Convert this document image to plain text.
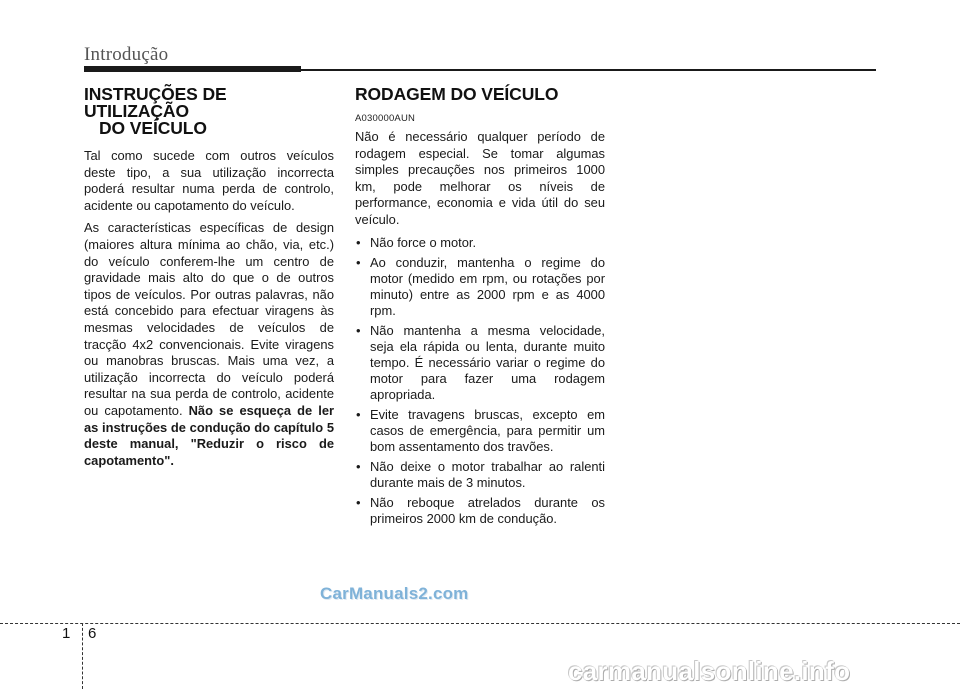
Introdução
INSTRUÇÕES DE UTILIZAÇÃO
DO VEÍCULO

Tal como sucede com outros veículos deste tipo, a sua utilização incorrecta poderá resultar numa perda de controlo, acidente ou capotamento do veículo.

As características específicas de design (maiores altura mínima ao chão, via, etc.) do veículo conferem-lhe um centro de gravidade mais alto do que o de outros tipos de veículos. Por outras palavras, não está concebido para efectuar viragens às mesmas velocidades de veículos de tracção 4x2 convencionais. Evite viragens ou manobras bruscas. Mais uma vez, a utilização incorrecta do veículo poderá resultar na sua perda de controlo, acidente ou capotamento. Não se esqueça de ler as instruções de condução do capítulo 5 deste manual, "Reduzir o risco de capotamento".

RODAGEM DO VEÍCULO
A030000AUN

Não é necessário qualquer período de rodagem especial. Se tomar algumas simples precauções nos primeiros 1000 km, pode melhorar os níveis de performance, economia e vida útil do seu veículo.

• Não force o motor.
• Ao conduzir, mantenha o regime do motor (medido em rpm, ou rotações por minuto) entre as 2000 rpm e as 4000 rpm.
• Não mantenha a mesma velocidade, seja ela rápida ou lenta, durante muito tempo. É necessário variar o regime do motor para fazer uma rodagem apropriada.
• Evite travagens bruscas, excepto em casos de emergência, para permitir um bom assentamento dos travões.
• Não deixe o motor trabalhar ao ralenti durante mais de 3 minutos.
• Não reboque atrelados durante os primeiros 2000 km de condução.
CarManuals2.com
1 6
carmanualsonline.info
